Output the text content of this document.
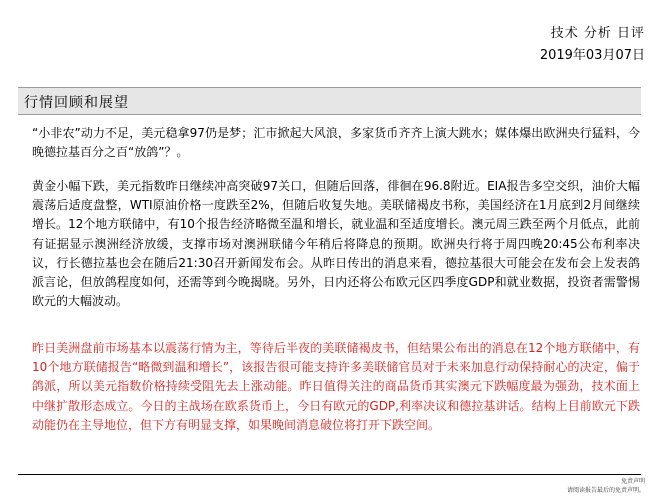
技术 分析 日评
2019年03月07日
行情回顾和展望
“小非农”动力不足，美元稳拿97仍是梦；汇市掀起大风浪，多家货币齐齐上演大跳水；媒体爆出欧洲央行猛料，今晚德拉基百分之百“放鸽”？。
黄金小幅下跌，美元指数昨日继续冲高突破97关口，但随后回落，徘徊在96.8附近。EIA报告多空交织，油价大幅震荡后适度盘整，WTI原油价格一度跌至2%，但随后收复失地。美联储褐皮书称，美国经济在1月底到2月间继续增长。12个地方联储中，有10个报告经济略微至温和增长，就业温和至适度增长。澳元周三跌至两个月低点，此前有证据显示澳洲经济放缓，支撑市场对澳洲联储今年稍后将降息的预期。欧洲央行将于周四晚20:45公布利率决议，行长德拉基也会在随后21:30召开新闻发布会。从昨日传出的消息来看，德拉基很大可能会在发布会上发表鸽派言论，但放鸽程度如何，还需等到今晚揭晓。另外，日内还将公布欧元区四季度GDP和就业数据，投资者需警惕欧元的大幅波动。
昨日美洲盘前市场基本以震荡行情为主，等待后半夜的美联储褐皮书，但结果公布出的消息在12个地方联储中，有10个地方联储报告“略微到温和增长”，该报告很可能支持许多美联储官员对于未来加息行动保持耐心的决定，偏于鸽派，所以美元指数价格持续受阻先去上涨动能。昨日值得关注的商品货币其实澳元下跌幅度最为强劲，技术面上中继扩散形态成立。今日的主战场在欧系货币上，今日有欧元的GDP,利率决议和德拉基讲话。结构上目前欧元下跌动能仍在主导地位，但下方有明显支撑，如果晚间消息破位将打开下跌空间。
免责声明
请阅读报告最后的免责声明。
